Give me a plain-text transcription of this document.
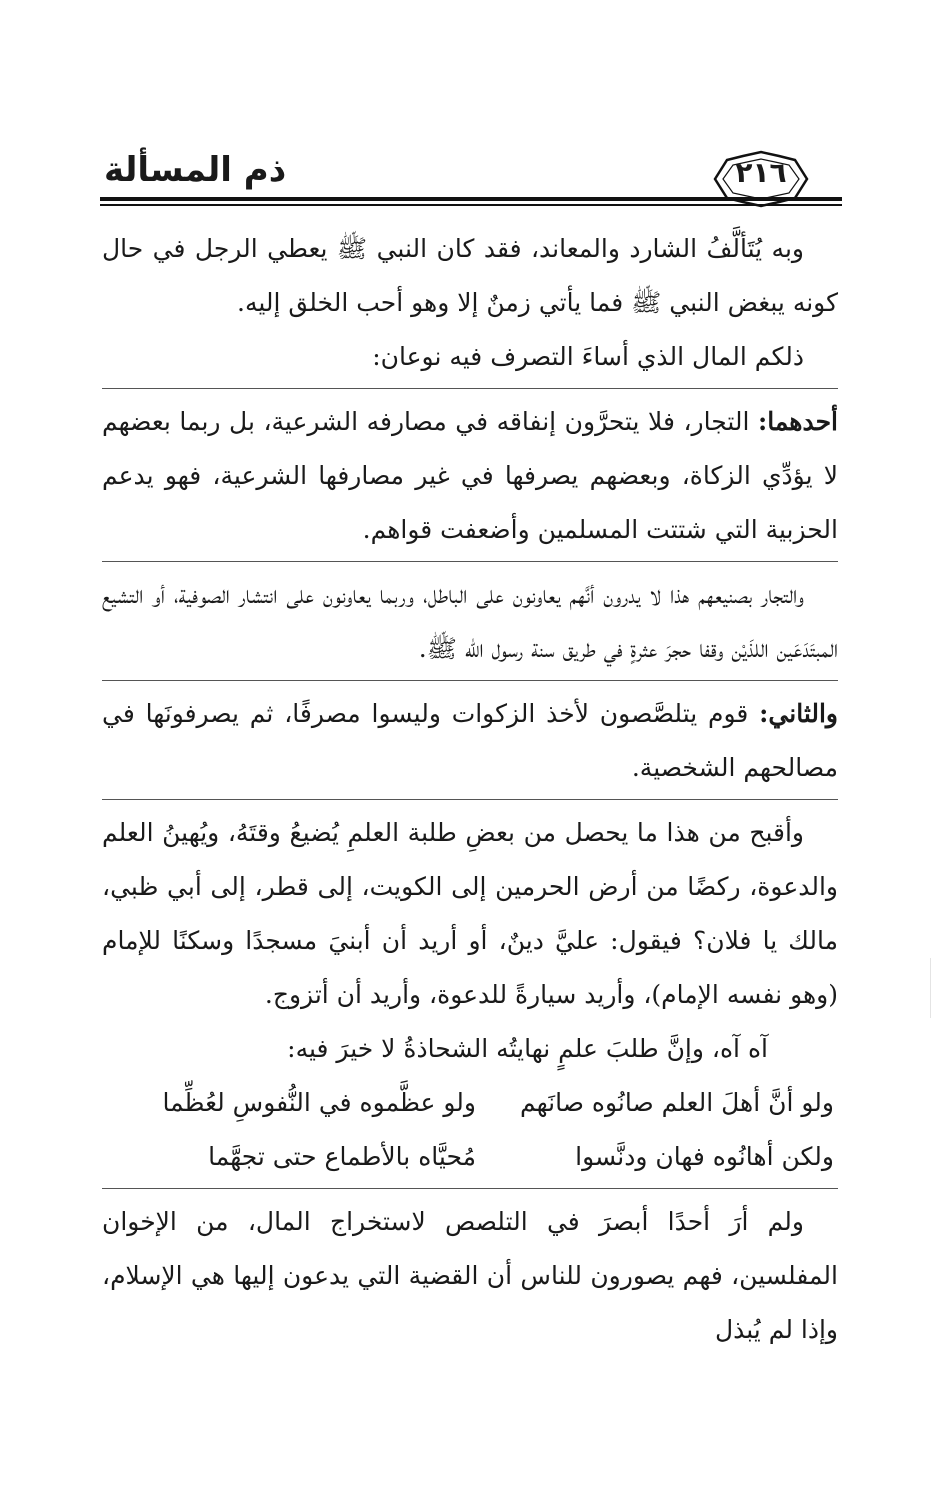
ذم المسألة	٢١٦

وبه يُتَألَّفُ الشارد والمعاند، فقد كان النبي ﷺ يعطي الرجل في حال كونه يبغض النبي ﷺ فما يأتي زمنٌ إلا وهو أحب الخلق إليه.

ذلكم المال الذي أساءَ التصرف فيه نوعان:

أحدهما: التجار، فلا يتحرَّون إنفاقه في مصارفه الشرعية، بل ربما بعضهم لا يؤدِّي الزكاة، وبعضهم يصرفها في غير مصارفها الشرعية، فهو يدعم الحزبية التي شتتت المسلمين وأضعفت قواهم.

والتجار بصنيعهم هذا لا يدرون أنَّهم يعاونون على الباطل، وربما يعاونون على انتشار الصوفية، أو التشيع المبتَدَعَين اللذَيْن وقفا حجرَ عثرةٍ في طريق سنة رسول الله ﷺ.

والثاني: قوم يتلصَّصون لأخذ الزكوات وليسوا مصرفًا، ثم يصرفونَها في مصالحهم الشخصية.

وأقبح من هذا ما يحصل من بعضِ طلبة العلمِ يُضيعُ وقتَهُ، ويُهينُ العلم والدعوة، ركضًا من أرض الحرمين إلى الكويت، إلى قطر، إلى أبي ظبي، مالك يا فلان؟ فيقول: عليَّ دينٌ، أو أريد أن أبنيَ مسجدًا وسكنًا للإمام (وهو نفسه الإمام)، وأريد سيارةً للدعوة، وأريد أن أتزوج.

آه آه، وإنَّ طلبَ علمٍ نهايتُه الشحاذةُ لا خيرَ فيه:

ولو أنَّ أهلَ العلم صانُوه صانَهم
ولو عظَّموه في النُّفوسِ لعُظِّما
ولكن أهانُوه فهان ودنَّسوا
مُحيَّاه بالأطماع حتى تجهَّما

ولم أرَ أحدًا أبصرَ في التلصص لاستخراج المال، من الإخوان المفلسين، فهم يصورون للناس أن القضية التي يدعون إليها هي الإسلام، وإذا لم يُبذل
